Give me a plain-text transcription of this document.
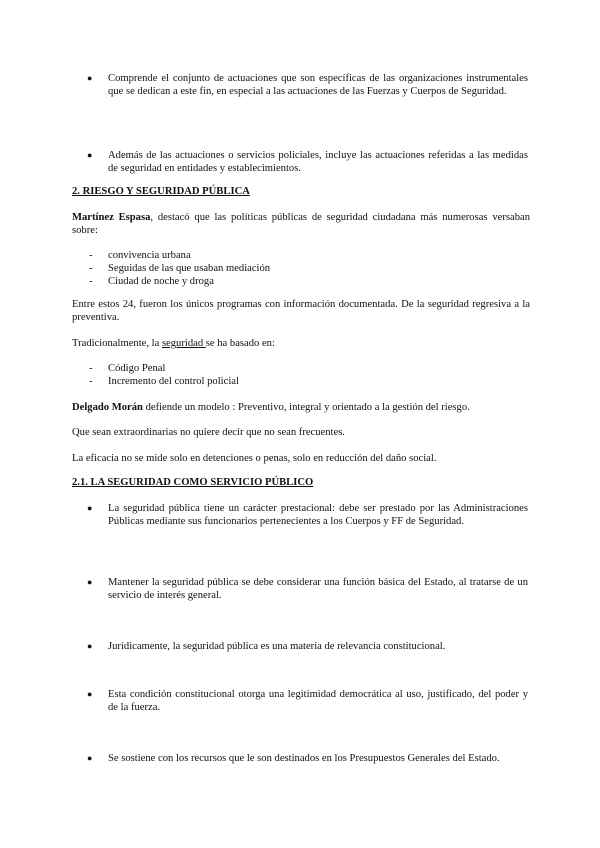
● Comprende el conjunto de actuaciones que son específicas de las organizaciones instrumentales que se dedican a este fin, en especial a las actuaciones de las Fuerzas y Cuerpos de Seguridad.

● Además de las actuaciones o servicios policiales, incluye las actuaciones referidas a las medidas de seguridad en entidades y establecimientos.

2. RIESGO Y SEGURIDAD PÚBLICA

Martínez Espasa, destacó que las políticas públicas de seguridad ciudadana más numerosas versaban sobre:

- convivencia urbana
- Seguidas de las que usaban mediación
- Ciudad de noche y droga

Entre estos 24, fueron los únicos programas con información documentada. De la seguridad regresiva a la preventiva.

Tradicionalmente, la seguridad se ha basado en:

- Código Penal
- Incremento del control policial

Delgado Morán defiende un modelo : Preventivo, integral y orientado a la gestión del riesgo.

Que sean extraordinarias no quiere decir que no sean frecuentes.

La eficacia no se mide solo en detenciones o penas, solo en reducción del daño social.

2.1. LA SEGURIDAD COMO SERVICIO PÚBLICO
● La seguridad pública tiene un carácter prestacional: debe ser prestado por las Administraciones Públicas mediante sus funcionarios pertenecientes a los Cuerpos y FF de Seguridad.

● Mantener la seguridad pública se debe considerar una función básica del Estado, al tratarse de un servicio de interés general.

● Jurídicamente, la seguridad pública es una materia de relevancia constitucional.

● Esta condición constitucional otorga una legitimidad democrática al uso, justificado, del poder y de la fuerza.

● Se sostiene con los recursos que le son destinados en los Presupuestos Generales del Estado.
